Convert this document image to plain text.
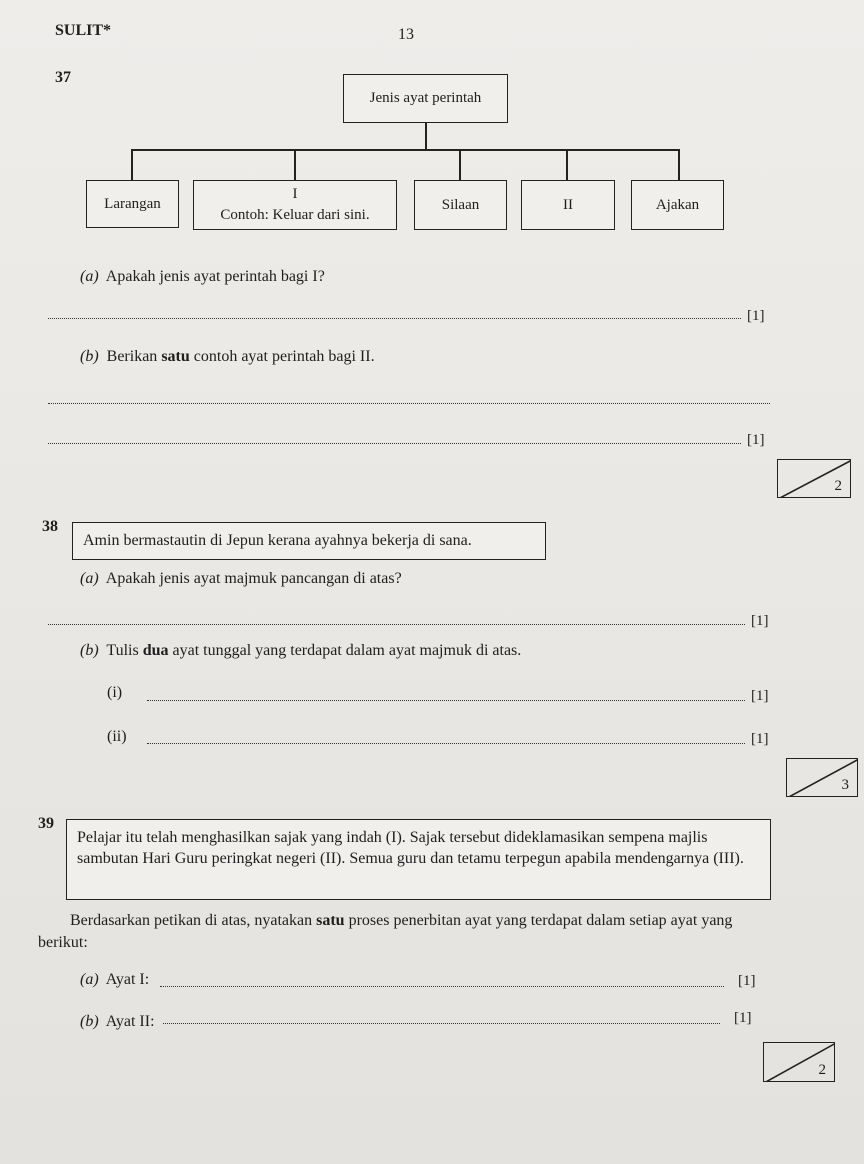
SULIT*	13
37
Jenis ayat perintah
Larangan
I
Contoh: Keluar dari sini.
Silaan	II	Ajakan
(a) Apakah jenis ayat perintah bagi I?
[1]
(b) Berikan satu contoh ayat perintah bagi II.
[1]
2
38
Amin bermastautin di Jepun kerana ayahnya bekerja di sana.
(a) Apakah jenis ayat majmuk pancangan di atas?
[1]
(b) Tulis dua ayat tunggal yang terdapat dalam ayat majmuk di atas.
(i)	[1]
(ii)	[1]
3
39
Pelajar itu telah menghasilkan sajak yang indah (I). Sajak tersebut dideklamasikan sempena majlis sambutan Hari Guru peringkat negeri (II). Semua guru dan tetamu terpegun apabila mendengarnya (III).
Berdasarkan petikan di atas, nyatakan satu proses penerbitan ayat yang terdapat dalam setiap ayat yang berikut:
(a) Ayat I:	[1]
(b) Ayat II:	[1]
2
